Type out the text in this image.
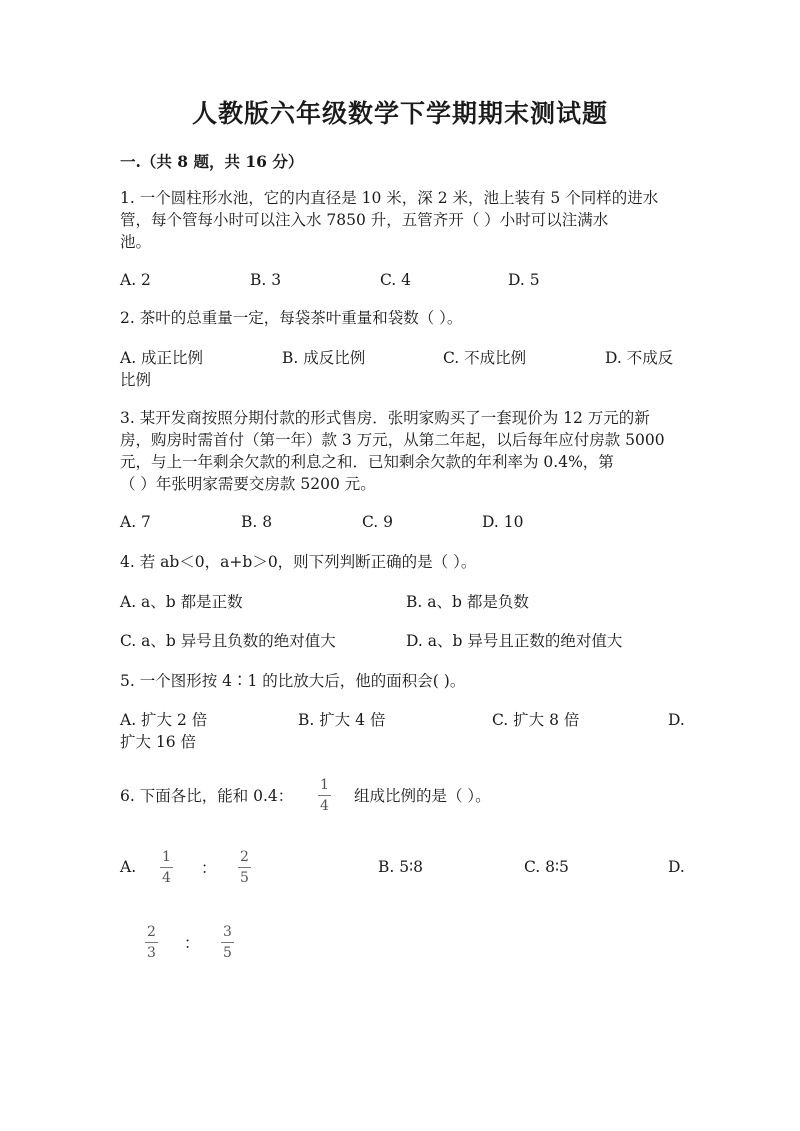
人教版六年级数学下学期期末测试题
一.（共 8 题，共 16 分）
1. 一个圆柱形水池，它的内直径是 10 米，深 2 米，池上装有 5 个同样的进水
管，每个管每小时可以注入水 7850 升，五管齐开（ ）小时可以注满水
池。
A. 2	B. 3	C. 4	D. 5
2. 茶叶的总重量一定，每袋茶叶重量和袋数（ ）。
A. 成正比例	B. 成反比例	C. 不成比例	D. 不成反
比例
3. 某开发商按照分期付款的形式售房．张明家购买了一套现价为 12 万元的新
房，购房时需首付（第一年）款 3 万元，从第二年起，以后每年应付房款 5000
元，与上一年剩余欠款的利息之和．已知剩余欠款的年利率为 0.4%，第
（ ）年张明家需要交房款 5200 元。
A. 7	B. 8	C. 9	D. 10
4. 若 ab＜0，a+b＞0，则下列判断正确的是（ ）。
A. a、b 都是正数	B. a、b 都是负数
C. a、b 异号且负数的绝对值大	D. a、b 异号且正数的绝对值大
5. 一个图形按 4∶1 的比放大后，他的面积会( )。
A. 扩大 2 倍	B. 扩大 4 倍	C. 扩大 8 倍	D.
扩大 16 倍
6. 下面各比，能和 0.4：
1
4
组成比例的是（ ）。
A.
1
4
：
2
5
B. 5∶8	C. 8∶5	D.
2
3
：
3
5
